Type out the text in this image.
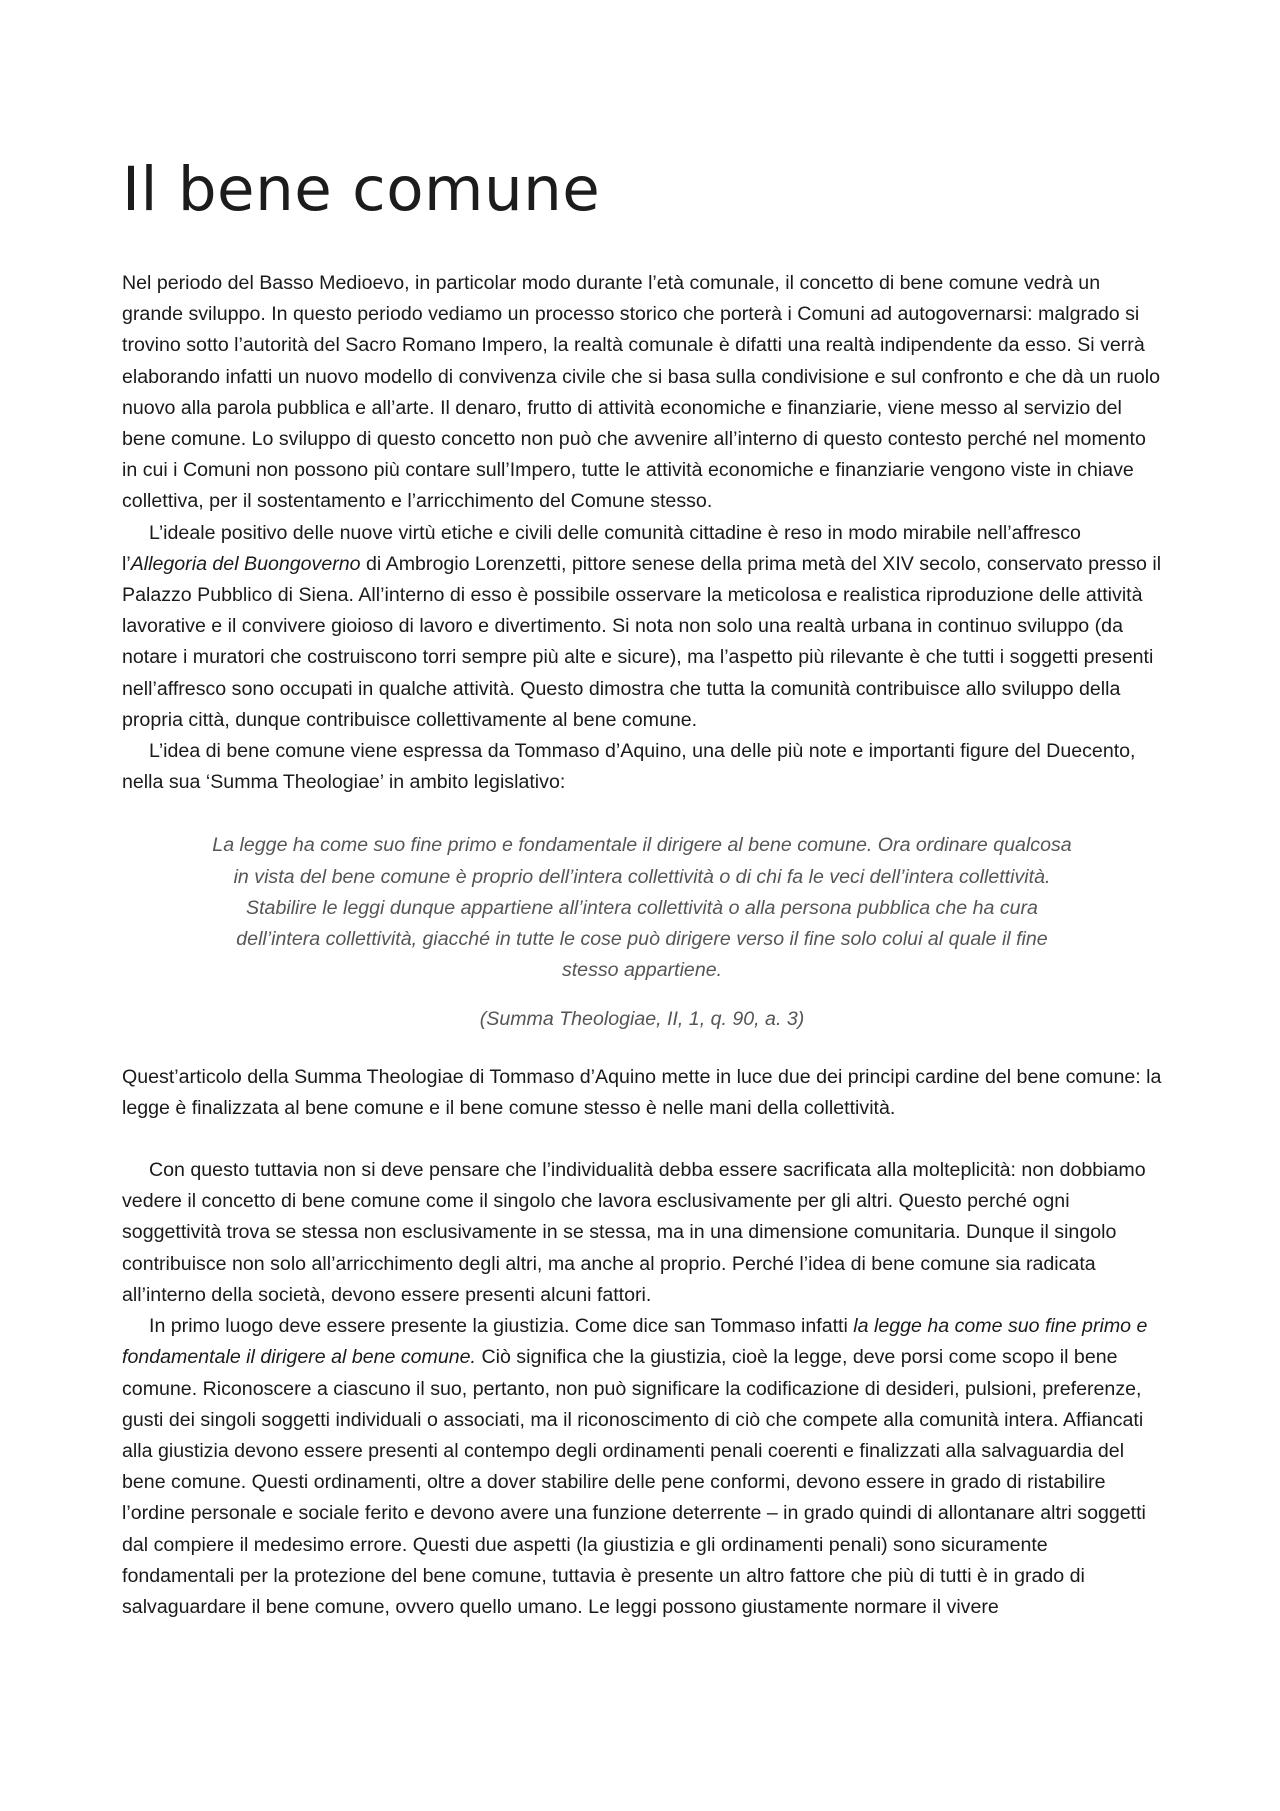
Il bene comune

Nel periodo del Basso Medioevo, in particolar modo durante l’età comunale, il concetto di bene comune vedrà un grande sviluppo. In questo periodo vediamo un processo storico che porterà i Comuni ad autogovernarsi: malgrado si trovino sotto l’autorità del Sacro Romano Impero, la realtà comunale è difatti una realtà indipendente da esso. Si verrà elaborando infatti un nuovo modello di convivenza civile che si basa sulla condivisione e sul confronto e che dà un ruolo nuovo alla parola pubblica e all’arte. Il denaro, frutto di attività economiche e finanziarie, viene messo al servizio del bene comune. Lo sviluppo di questo concetto non può che avvenire all’interno di questo contesto perché nel momento in cui i Comuni non possono più contare sull’Impero, tutte le attività economiche e finanziarie vengono viste in chiave collettiva, per il sostentamento e l’arricchimento del Comune stesso.

L’ideale positivo delle nuove virtù etiche e civili delle comunità cittadine è reso in modo mirabile nell’affresco l’Allegoria del Buongoverno di Ambrogio Lorenzetti, pittore senese della prima metà del XIV secolo, conservato presso il Palazzo Pubblico di Siena. All’interno di esso è possibile osservare la meticolosa e realistica riproduzione delle attività lavorative e il convivere gioioso di lavoro e divertimento. Si nota non solo una realtà urbana in continuo sviluppo (da notare i muratori che costruiscono torri sempre più alte e sicure), ma l’aspetto più rilevante è che tutti i soggetti presenti nell’affresco sono occupati in qualche attività. Questo dimostra che tutta la comunità contribuisce allo sviluppo della propria città, dunque contribuisce collettivamente al bene comune.

L’idea di bene comune viene espressa da Tommaso d’Aquino, una delle più note e importanti figure del Duecento, nella sua ‘Summa Theologiae’ in ambito legislativo:

La legge ha come suo fine primo e fondamentale il dirigere al bene comune. Ora ordinare qualcosa in vista del bene comune è proprio dell’intera collettività o di chi fa le veci dell’intera collettività. Stabilire le leggi dunque appartiene all’intera collettività o alla persona pubblica che ha cura dell’intera collettività, giacché in tutte le cose può dirigere verso il fine solo colui al quale il fine stesso appartiene.

(Summa Theologiae, II, 1, q. 90, a. 3)

Quest’articolo della Summa Theologiae di Tommaso d’Aquino mette in luce due dei principi cardine del bene comune: la legge è finalizzata al bene comune e il bene comune stesso è nelle mani della collettività.

Con questo tuttavia non si deve pensare che l’individualità debba essere sacrificata alla molteplicità: non dobbiamo vedere il concetto di bene comune come il singolo che lavora esclusivamente per gli altri. Questo perché ogni soggettività trova se stessa non esclusivamente in se stessa, ma in una dimensione comunitaria. Dunque il singolo contribuisce non solo all’arricchimento degli altri, ma anche al proprio. Perché l’idea di bene comune sia radicata all’interno della società, devono essere presenti alcuni fattori.

In primo luogo deve essere presente la giustizia. Come dice san Tommaso infatti la legge ha come suo fine primo e fondamentale il dirigere al bene comune. Ciò significa che la giustizia, cioè la legge, deve porsi come scopo il bene comune. Riconoscere a ciascuno il suo, pertanto, non può significare la codificazione di desideri, pulsioni, preferenze, gusti dei singoli soggetti individuali o associati, ma il riconoscimento di ciò che compete alla comunità intera. Affiancati alla giustizia devono essere presenti al contempo degli ordinamenti penali coerenti e finalizzati alla salvaguardia del bene comune. Questi ordinamenti, oltre a dover stabilire delle pene conformi, devono essere in grado di ristabilire l’ordine personale e sociale ferito e devono avere una funzione deterrente – in grado quindi di allontanare altri soggetti dal compiere il medesimo errore. Questi due aspetti (la giustizia e gli ordinamenti penali) sono sicuramente fondamentali per la protezione del bene comune, tuttavia è presente un altro fattore che più di tutti è in grado di salvaguardare il bene comune, ovvero quello umano. Le leggi possono giustamente normare il vivere
